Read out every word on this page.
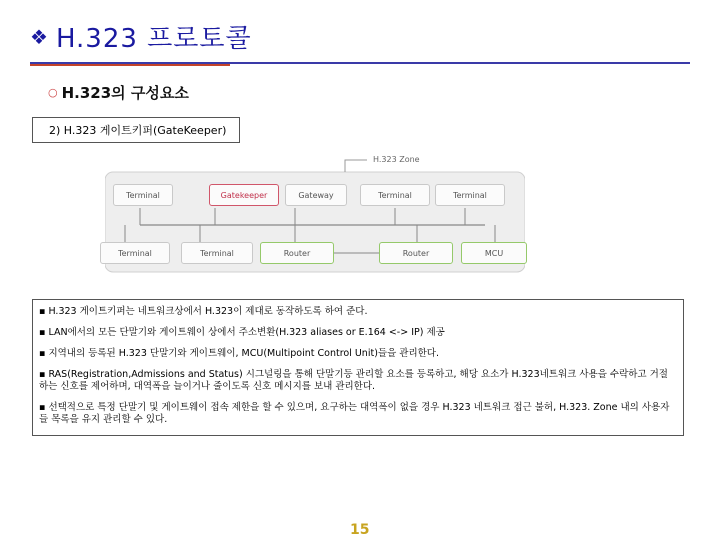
❖ H.323 프로토콜
○ H.323의 구성요소
2) H.323 게이트키퍼(GateKeeper)
H.323 Zone
Terminal	Gatekeeper	Gateway	Terminal	Terminal
Terminal	Terminal	Router	Router	MCU

▪ H.323 게이트키퍼는 네트워크상에서 H.323이 제대로 동작하도록 하여 준다.

▪ LAN에서의 모든 단말기와 게이트웨이 상에서 주소변환(H.323 aliases or E.164 <-> IP) 제공

▪ 지역내의 등록된 H.323 단말기와 게이트웨이, MCU(Multipoint Control Unit)들을 관리한다.

▪ RAS(Registration,Admissions and Status) 시그널링을 통해 단말기등 관리할 요소를 등록하고, 해당 요소가 H.323네트워크 사용을 수락하고 거절하는 신호를 제어하며, 대역폭을 늘이거나 줄이도록 신호 메시지를 보내 관리한다.

▪ 선택적으로 특정 단말기 및 게이트웨이 접속 제한을 할 수 있으며, 요구하는 대역폭이 없을 경우 H.323 네트워크 접근 불허, H.323. Zone 내의 사용자들 목록을 유지 관리할 수 있다.

15
